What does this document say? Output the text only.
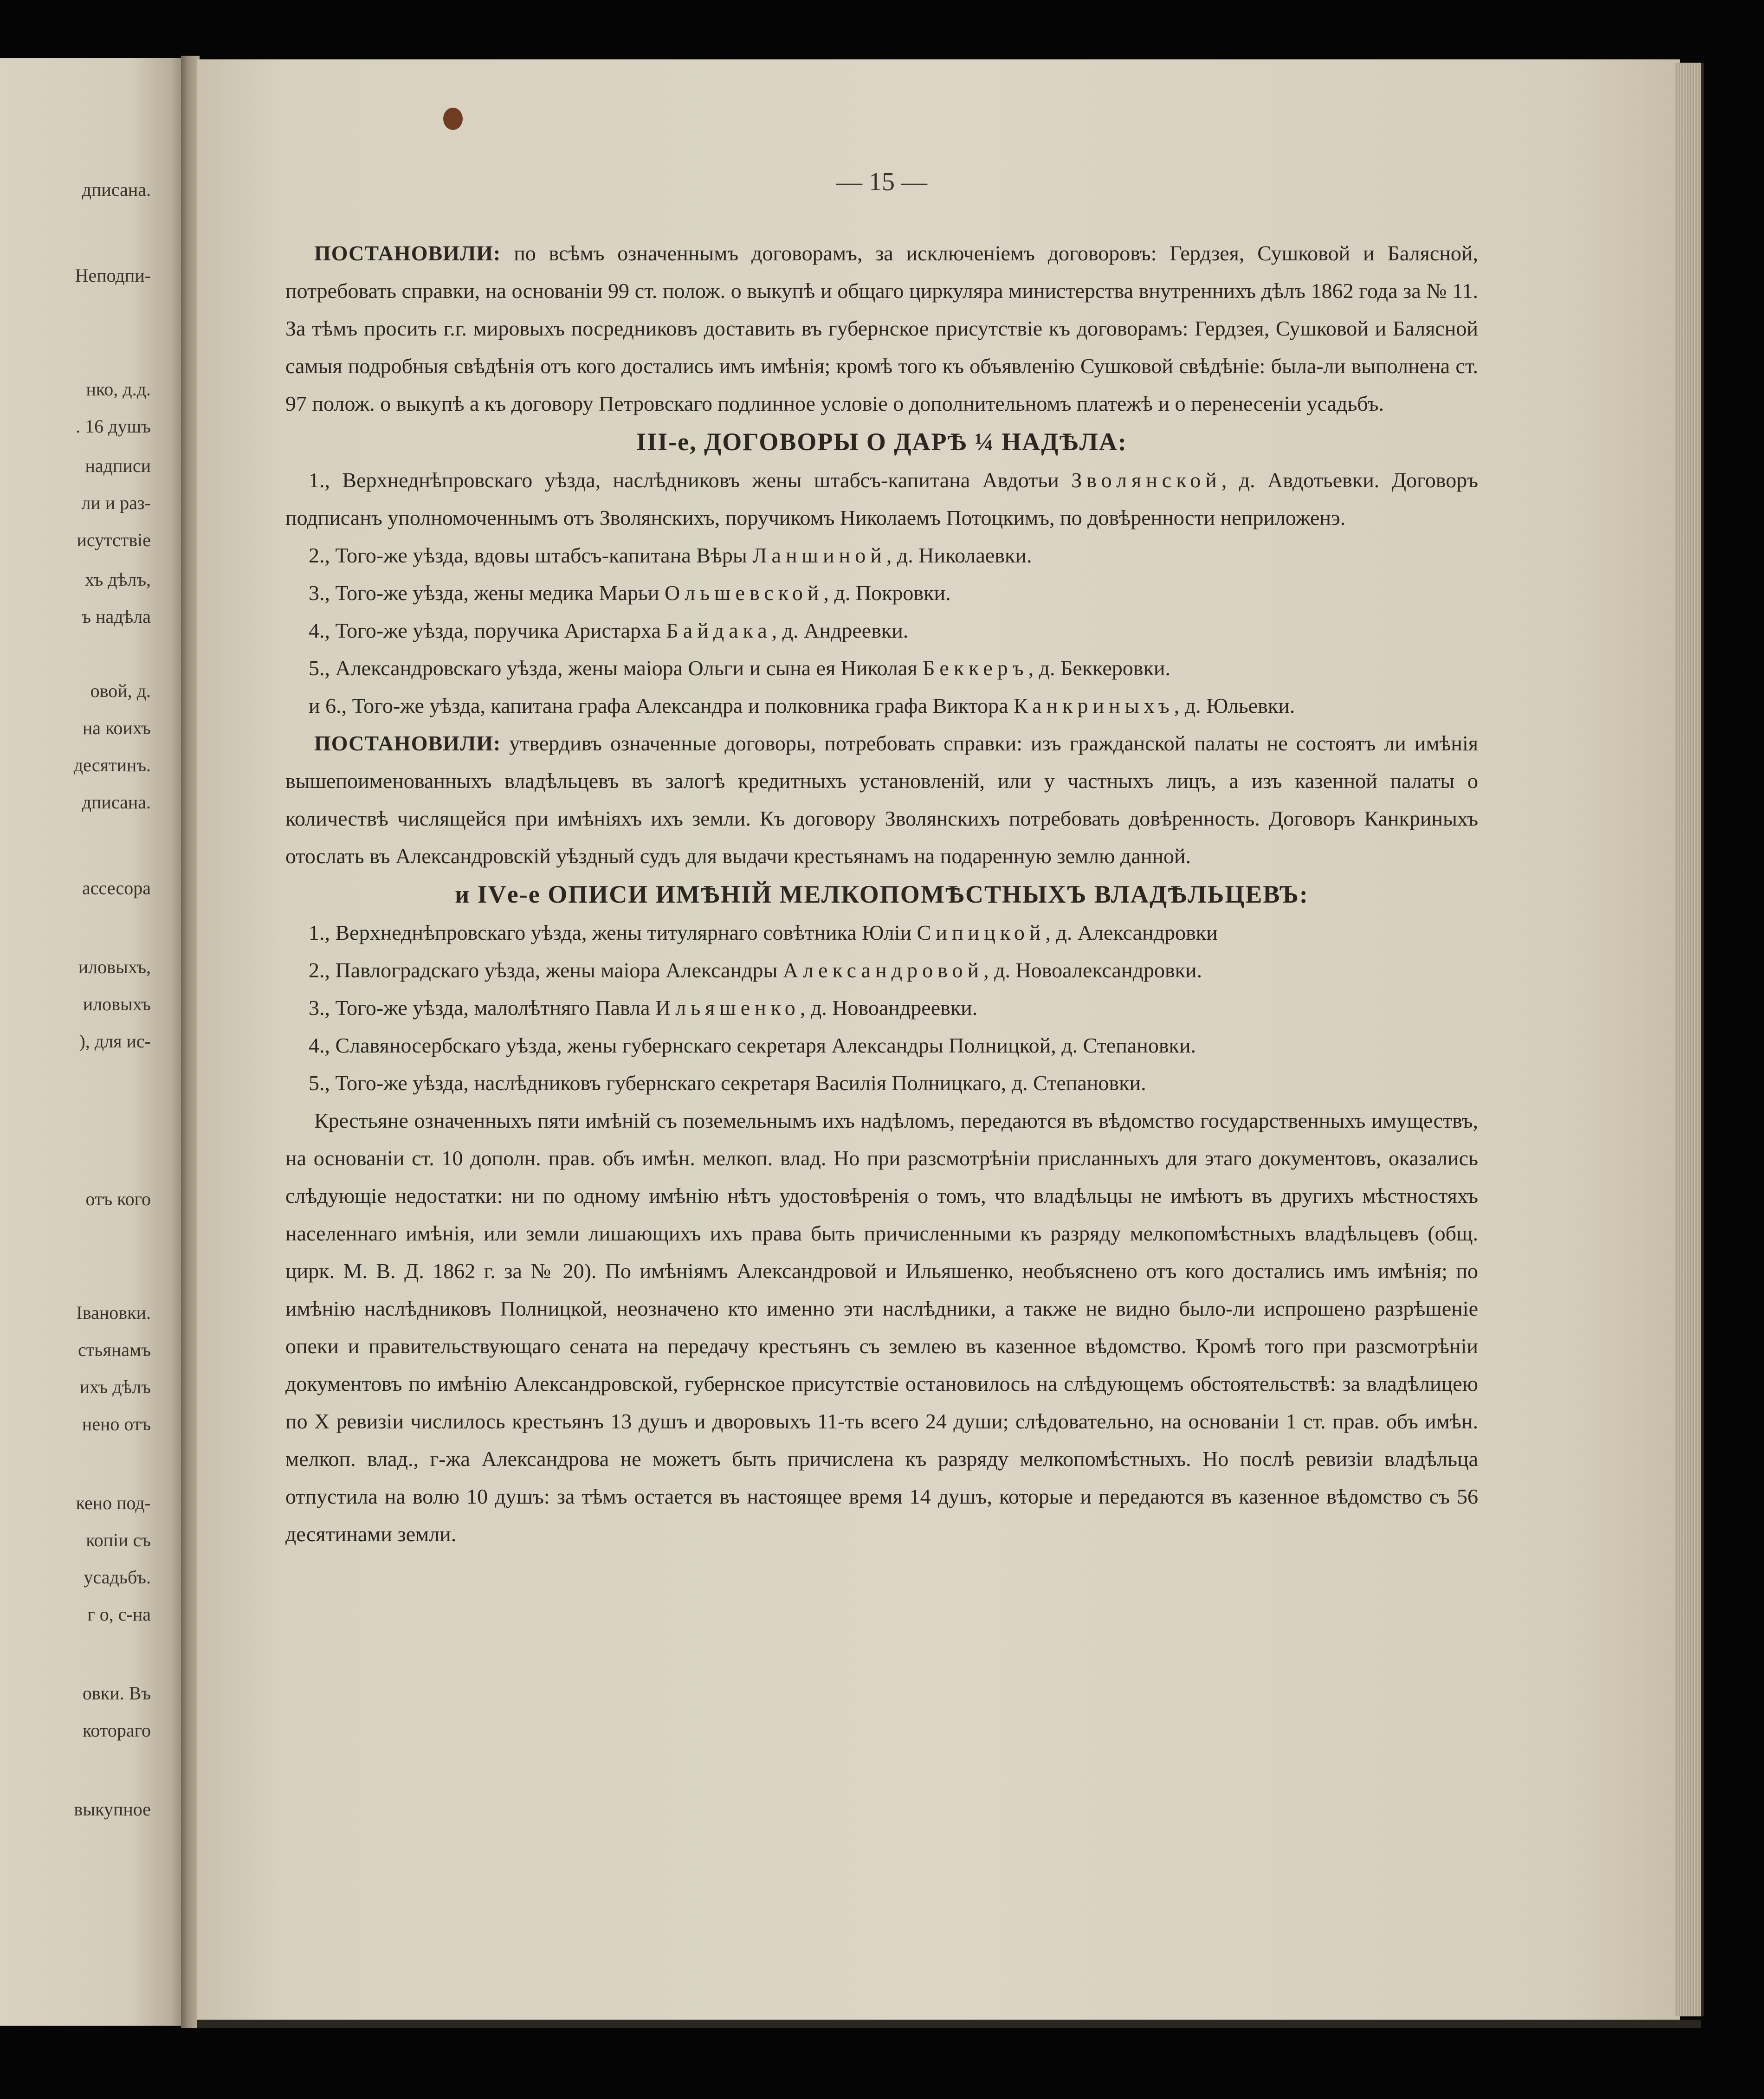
дписана.
Неподпи-
нко, д.д.
. 16 душъ
надписи
ли и раз-
исутствіе
хъ дѣлъ,
ъ надѣла
овой, д.
на коихъ
десятинъ.
дписана.
ассесора
иловыхъ,
иловыхъ
), для ис-
отъ кого
Івановки.
стьянамъ
ихъ дѣлъ
нено отъ
кено под-
копіи съ
усадьбъ.
г о, с-на
овки. Въ
котораго
выкупное
— 15 —

ПОСТАНОВИЛИ: по всѣмъ означеннымъ договорамъ, за исключеніемъ договоровъ: Гердзея, Сушковой и Балясной, потребовать справки, на основаніи 99 ст. полож. о выкупѣ и общаго циркуляра министерства внутреннихъ дѣлъ 1862 года за № 11. За тѣмъ просить г.г. мировыхъ посредниковъ доставить въ губернское присутствіе къ договорамъ: Гердзея, Сушковой и Балясной самыя подробныя свѣдѣнія отъ кого достались имъ имѣнія; кромѣ того къ объявленію Сушковой свѣдѣніе: была-ли выполнена ст. 97 полож. о выкупѣ а къ договору Петровскаго подлинное условіе о дополнительномъ платежѣ и о перенесеніи усадьбъ.

III-е, ДОГОВОРЫ О ДАРѢ ¼ НАДѢЛА:

1., Верхнеднѣпровскаго уѣзда, наслѣдниковъ жены штабсъ-капитана Авдотьи Зволянской, д. Авдотьевки. Договоръ подписанъ уполномоченнымъ отъ Зволянскихъ, поручикомъ Николаемъ Потоцкимъ, по довѣренности неприложенэ.

2., Того-же уѣзда, вдовы штабсъ-капитана Вѣры Ланшиной, д. Николаевки.

3., Того-же уѣзда, жены медика Марьи Ольшевской, д. Покровки.

4., Того-же уѣзда, поручика Аристарха Байдака, д. Андреевки.

5., Александровскаго уѣзда, жены маіора Ольги и сына ея Николая Беккеръ, д. Беккеровки.

и 6., Того-же уѣзда, капитана графа Александра и полковника графа Виктора Канкриныхъ, д. Юльевки.

ПОСТАНОВИЛИ: утвердивъ означенные договоры, потребовать справки: изъ гражданской палаты не состоятъ ли имѣнія вышепоименованныхъ владѣльцевъ въ залогѣ кредитныхъ установленій, или у частныхъ лицъ, а изъ казенной палаты о количествѣ числящейся при имѣніяхъ ихъ земли. Къ договору Зволянскихъ потребовать довѣренность. Договоръ Канкриныхъ отослать въ Александровскій уѣздный судъ для выдачи крестьянамъ на подаренную землю данной.

и IVе-е ОПИСИ ИМѢНІЙ МЕЛКОПОМѢСТНЫХЪ ВЛАДѢЛЬЦЕВЪ:

1., Верхнеднѣпровскаго уѣзда, жены титулярнаго совѣтника Юліи Сипицкой, д. Александровки

2., Павлоградскаго уѣзда, жены маіора Александры Александровой, д. Новоалександровки.

3., Того-же уѣзда, малолѣтняго Павла Ильяшенко, д. Новоандреевки.

4., Славяносербскаго уѣзда, жены губернскаго секретаря Александры Полницкой, д. Степановки.

5., Того-же уѣзда, наслѣдниковъ губернскаго секретаря Василія Полницкаго, д. Степановки.

Крестьяне означенныхъ пяти имѣній съ поземельнымъ ихъ надѣломъ, передаются въ вѣдомство государственныхъ имуществъ, на основаніи ст. 10 дополн. прав. объ имѣн. мелкоп. влад. Но при разсмотрѣніи присланныхъ для этаго документовъ, оказались слѣдующіе недостатки: ни по одному имѣнію нѣтъ удостовѣренія о томъ, что владѣльцы не имѣютъ въ другихъ мѣстностяхъ населеннаго имѣнія, или земли лишающихъ ихъ права быть причисленными къ разряду мелкопомѣстныхъ владѣльцевъ (общ. цирк. М. В. Д. 1862 г. за № 20). По имѣніямъ Александровой и Ильяшенко, необъяснено отъ кого достались имъ имѣнія; по имѣнію наслѣдниковъ Полницкой, неозначено кто именно эти наслѣдники, а также не видно было-ли испрошено разрѣшеніе опеки и правительствующаго сената на передачу крестьянъ съ землею въ казенное вѣдомство. Кромѣ того при разсмотрѣніи документовъ по имѣнію Александровской, губернское присутствіе остановилось на слѣдующемъ обстоятельствѣ: за владѣлицею по X ревизіи числилось крестьянъ 13 душъ и дворовыхъ 11-ть всего 24 души; слѣдовательно, на основаніи 1 ст. прав. объ имѣн. мелкоп. влад., г-жа Александрова не можетъ быть причислена къ разряду мелкопомѣстныхъ. Но послѣ ревизіи владѣльца отпустила на волю 10 душъ: за тѣмъ остается въ настоящее время 14 душъ, которые и передаются въ казенное вѣдомство съ 56 десятинами земли.
